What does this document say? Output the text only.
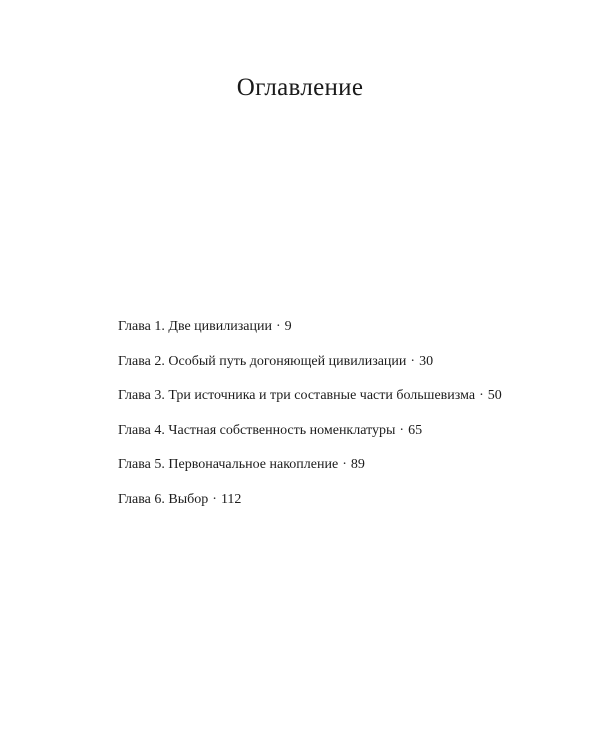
Оглавление
Глава 1. Две цивилизации · 9
Глава 2. Особый путь догоняющей цивилизации · 30
Глава 3. Три источника и три составные части большевизма · 50
Глава 4. Частная собственность номенклатуры · 65
Глава 5. Первоначальное накопление · 89
Глава 6. Выбор · 112
